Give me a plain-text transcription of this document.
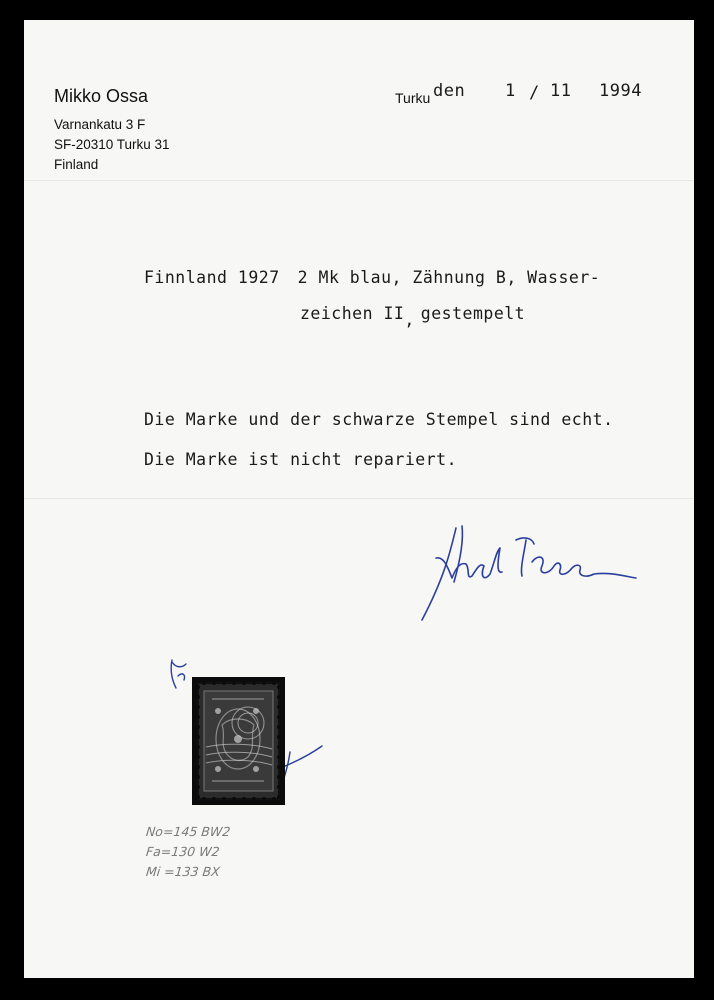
Mikko Ossa
Varnankatu 3 F
SF-20310 Turku 31
Finland
Turku den 1 / 11 1994
Finnland 1927 2 Mk blau, Zähnung B, Wasser-
zeichen II, gestempelt
Die Marke und der schwarze Stempel sind echt.
Die Marke ist nicht repariert.
No=145 BW2
Fa=130 W2
Mi =133 BX
